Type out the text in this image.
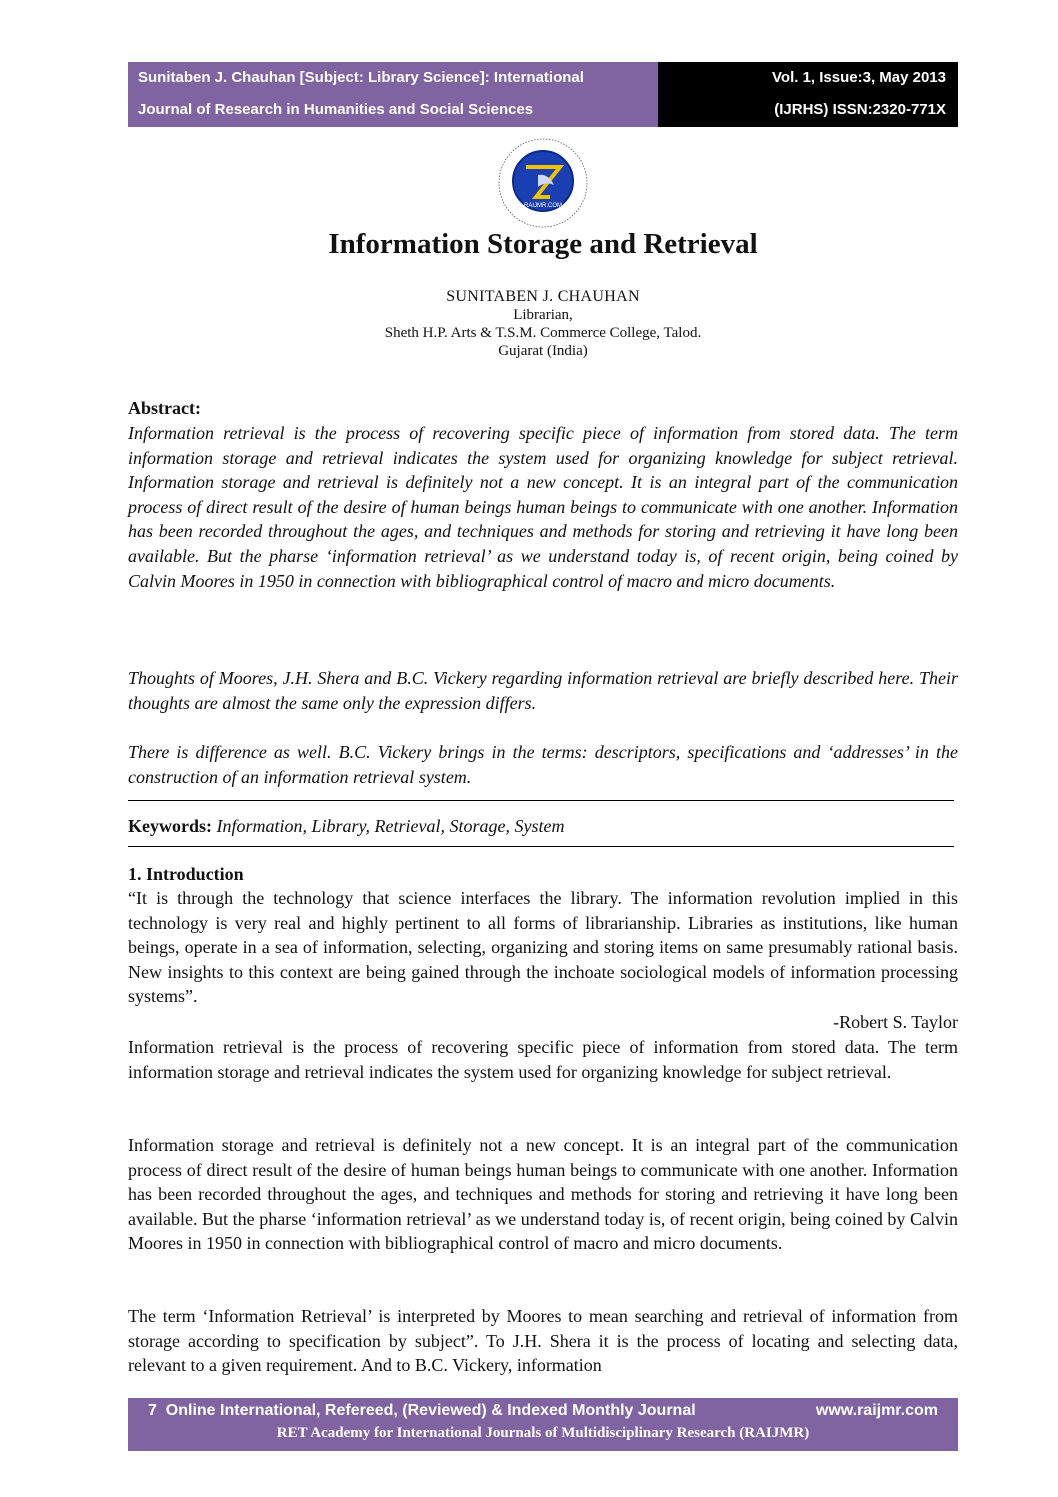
Sunitaben J. Chauhan [Subject: Library Science]: International
Journal of Research in Humanities and Social Sciences
Vol. 1, Issue:3, May 2013
(IJRHS) ISSN:2320-771X
RAIJMR.COM
Information Storage and Retrieval
SUNITABEN J. CHAUHAN
Librarian,
Sheth H.P. Arts & T.S.M. Commerce College, Talod.
Gujarat (India)
Abstract:
Information retrieval is the process of recovering specific piece of information from stored data. The term information storage and retrieval indicates the system used for organizing knowledge for subject retrieval. Information storage and retrieval is definitely not a new concept. It is an integral part of the communication process of direct result of the desire of human beings human beings to communicate with one another. Information has been recorded throughout the ages, and techniques and methods for storing and retrieving it have long been available. But the pharse ‘information retrieval’ as we understand today is, of recent origin, being coined by Calvin Moores in 1950 in connection with bibliographical control of macro and micro documents.
Thoughts of Moores, J.H. Shera and B.C. Vickery regarding information retrieval are briefly described here. Their thoughts are almost the same only the expression differs.
There is difference as well. B.C. Vickery brings in the terms: descriptors, specifications and ‘addresses’ in the construction of an information retrieval system.
Keywords: Information, Library, Retrieval, Storage, System
1. Introduction
“It is through the technology that science interfaces the library. The information revolution implied in this technology is very real and highly pertinent to all forms of librarianship. Libraries as institutions, like human beings, operate in a sea of information, selecting, organizing and storing items on same presumably rational basis. New insights to this context are being gained through the inchoate sociological models of information processing systems”.
-Robert S. Taylor
Information retrieval is the process of recovering specific piece of information from stored data. The term information storage and retrieval indicates the system used for organizing knowledge for subject retrieval.
Information storage and retrieval is definitely not a new concept. It is an integral part of the communication process of direct result of the desire of human beings human beings to communicate with one another. Information has been recorded throughout the ages, and techniques and methods for storing and retrieving it have long been available. But the pharse ‘information retrieval’ as we understand today is, of recent origin, being coined by Calvin Moores in 1950 in connection with bibliographical control of macro and micro documents.
The term ‘Information Retrieval’ is interpreted by Moores to mean searching and retrieval of information from storage according to specification by subject”. To J.H. Shera it is the process of locating and selecting data, relevant to a given requirement. And to B.C. Vickery, information
7 Online International, Refereed, (Reviewed) & Indexed Monthly Journal	www.raijmr.com
RET Academy for International Journals of Multidisciplinary Research (RAIJMR)
